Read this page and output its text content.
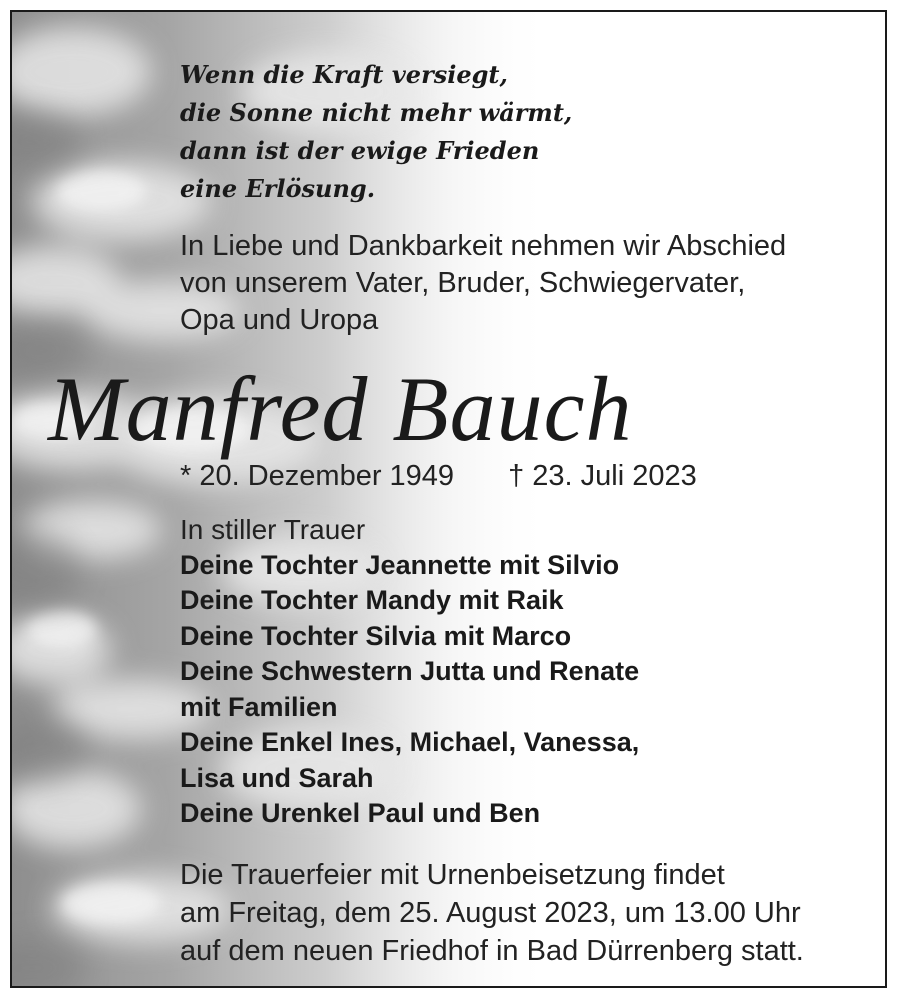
Wenn die Kraft versiegt,
die Sonne nicht mehr wärmt,
dann ist der ewige Frieden
eine Erlösung.
In Liebe und Dankbarkeit nehmen wir Abschied
von unserem Vater, Bruder, Schwiegervater,
Opa und Uropa
Manfred Bauch
* 20. Dezember 1949 † 23. Juli 2023
In stiller Trauer
Deine Tochter Jeannette mit Silvio
Deine Tochter Mandy mit Raik
Deine Tochter Silvia mit Marco
Deine Schwestern Jutta und Renate
mit Familien
Deine Enkel Ines, Michael, Vanessa,
Lisa und Sarah
Deine Urenkel Paul und Ben
Die Trauerfeier mit Urnenbeisetzung findet
am Freitag, dem 25. August 2023, um 13.00 Uhr
auf dem neuen Friedhof in Bad Dürrenberg statt.
